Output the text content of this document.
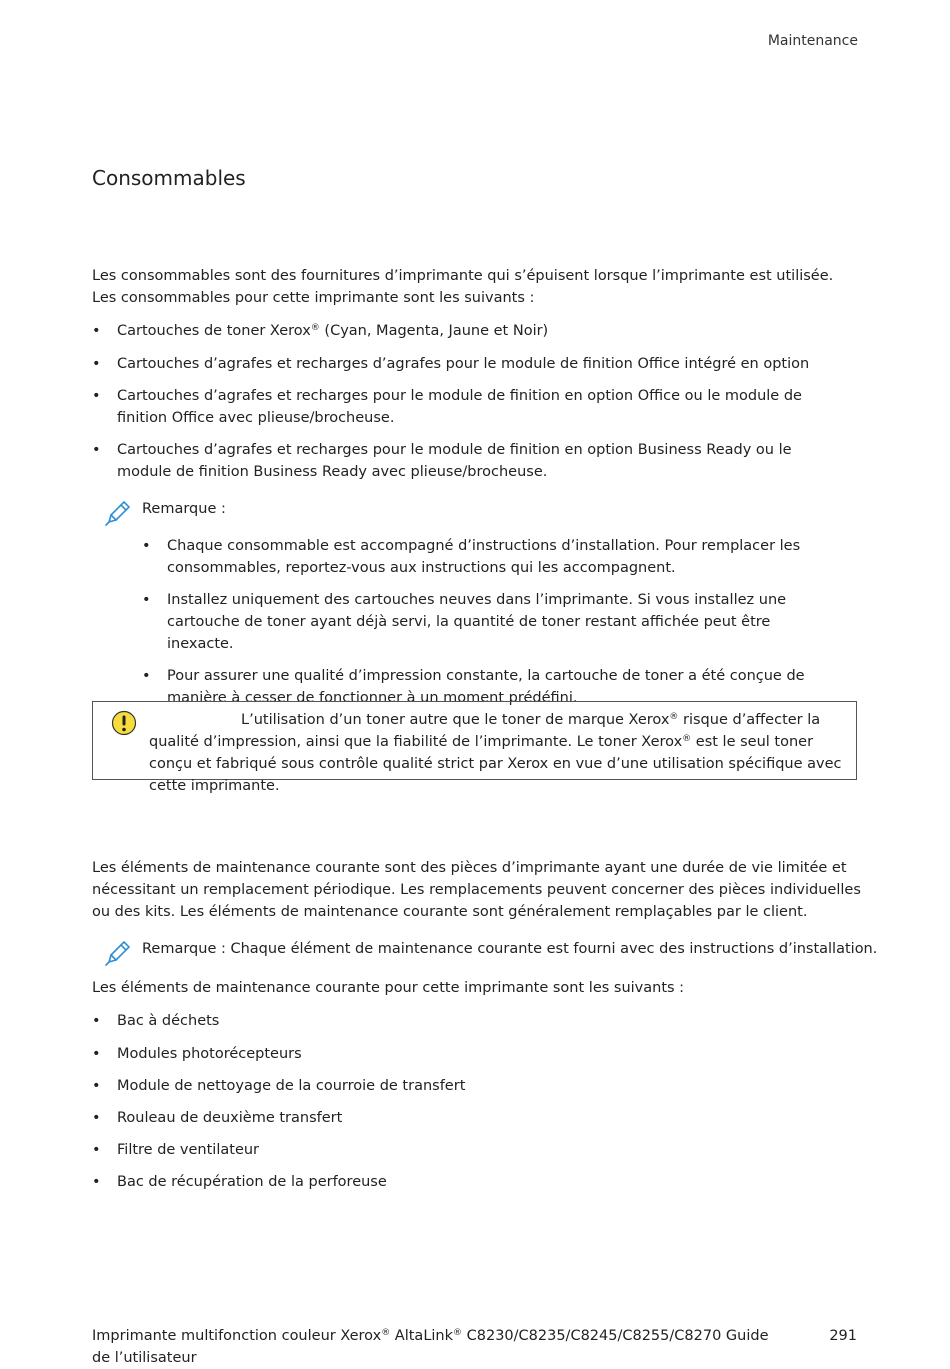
Maintenance
Consommables

Les consommables sont des fournitures d’imprimante qui s’épuisent lorsque l’imprimante est utilisée. Les consommables pour cette imprimante sont les suivants :

• Cartouches de toner Xerox® (Cyan, Magenta, Jaune et Noir)
• Cartouches d’agrafes et recharges d’agrafes pour le module de finition Office intégré en option
• Cartouches d’agrafes et recharges pour le module de finition en option Office ou le module de finition Office avec plieuse/brocheuse.
• Cartouches d’agrafes et recharges pour le module de finition en option Business Ready ou le module de finition Business Ready avec plieuse/brocheuse.
Remarque :
• Chaque consommable est accompagné d’instructions d’installation. Pour remplacer les consommables, reportez-vous aux instructions qui les accompagnent.
• Installez uniquement des cartouches neuves dans l’imprimante. Si vous installez une cartouche de toner ayant déjà servi, la quantité de toner restant affichée peut être inexacte.
• Pour assurer une qualité d’impression constante, la cartouche de toner a été conçue de manière à cesser de fonctionner à un moment prédéfini.
L’utilisation d’un toner autre que le toner de marque Xerox® risque d’affecter la qualité d’impression, ainsi que la fiabilité de l’imprimante. Le toner Xerox® est le seul toner conçu et fabriqué sous contrôle qualité strict par Xerox en vue d’une utilisation spécifique avec cette imprimante.

Les éléments de maintenance courante sont des pièces d’imprimante ayant une durée de vie limitée et nécessitant un remplacement périodique. Les remplacements peuvent concerner des pièces individuelles ou des kits. Les éléments de maintenance courante sont généralement remplaçables par le client.

Remarque : Chaque élément de maintenance courante est fourni avec des instructions d’installation.

Les éléments de maintenance courante pour cette imprimante sont les suivants :

• Bac à déchets
• Modules photorécepteurs
• Module de nettoyage de la courroie de transfert
• Rouleau de deuxième transfert
• Filtre de ventilateur
• Bac de récupération de la perforeuse
Imprimante multifonction couleur Xerox® AltaLink® C8230/C8235/C8245/C8255/C8270 Guide de l’utilisateur
291
